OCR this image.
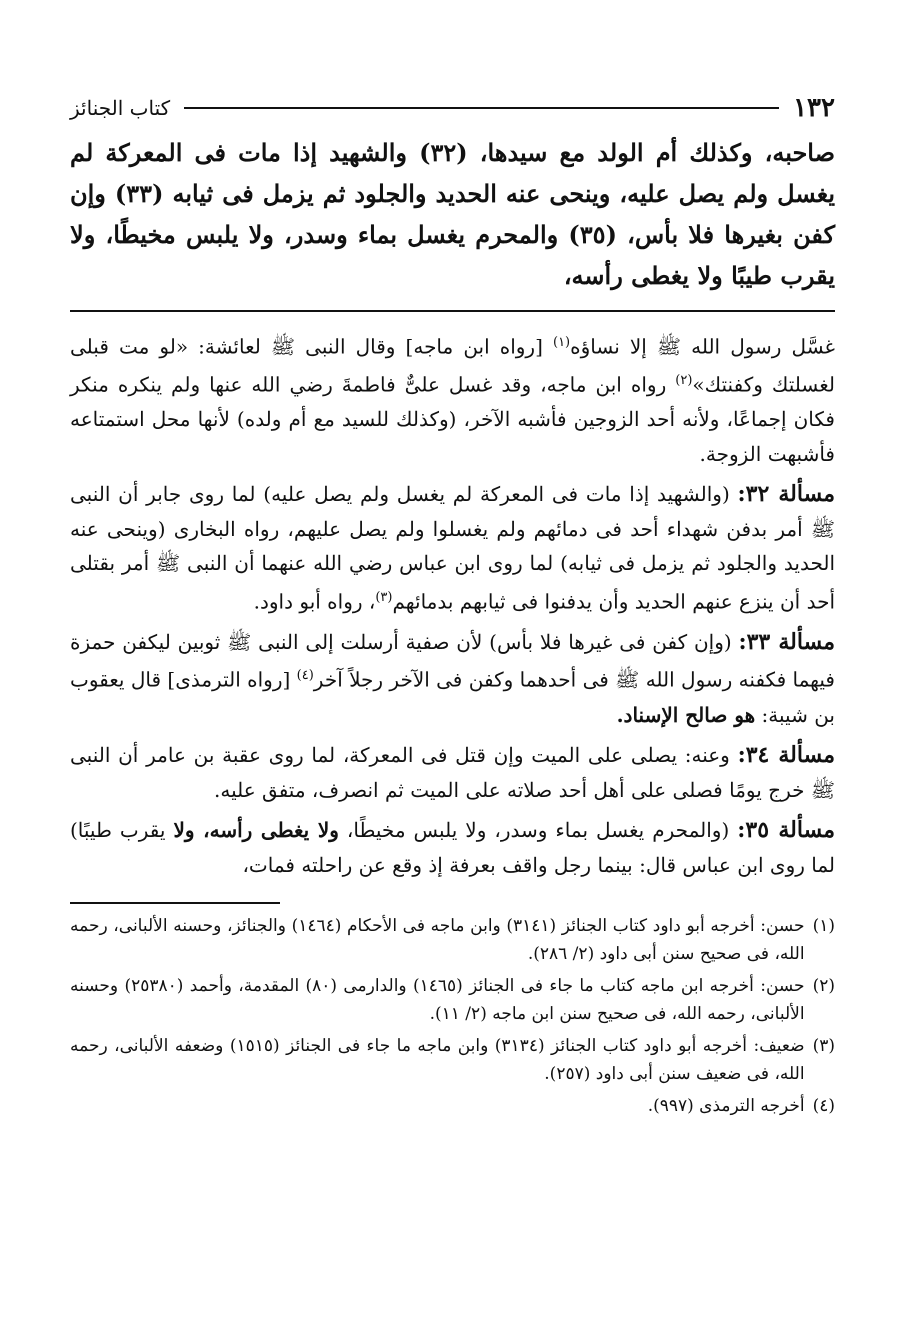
١٣٢
كتاب الجنائز

صاحبه، وكذلك أم الولد مع سيدها، (٣٢) والشهيد إذا مات فى المعركة لم يغسل ولم يصل عليه، وينحى عنه الحديد والجلود ثم يزمل فى ثيابه (٣٣) وإن كفن بغيرها فلا بأس، (٣٥) والمحرم يغسل بماء وسدر، ولا يلبس مخيطًا، ولا يقرب طيبًا ولا يغطى رأسه،

غسَّل رسول الله ﷺ إلا نساؤه$^{(١)}$ [رواه ابن ماجه] وقال النبى ﷺ لعائشة: «لو مت قبلى لغسلتك وكفنتك»$^{(٢)}$ رواه ابن ماجه، وقد غسل علىٌّ فاطمةَ رضي الله عنها ولم ينكره منكر فكان إجماعًا، ولأنه أحد الزوجين فأشبه الآخر، (وكذلك للسيد مع أم ولده) لأنها محل استمتاعه فأشبهت الزوجة.

مسألة ٣٢: (والشهيد إذا مات فى المعركة لم يغسل ولم يصل عليه) لما روى جابر أن النبى ﷺ أمر بدفن شهداء أحد فى دمائهم ولم يغسلوا ولم يصل عليهم، رواه البخارى (وينحى عنه الحديد والجلود ثم يزمل فى ثيابه) لما روى ابن عباس رضي الله عنهما أن النبى ﷺ أمر بقتلى أحد أن ينزع عنهم الحديد وأن يدفنوا فى ثيابهم بدمائهم$^{(٣)}$، رواه أبو داود.

مسألة ٣٣: (وإن كفن فى غيرها فلا بأس) لأن صفية أرسلت إلى النبى ﷺ ثوبين ليكفن حمزة فيهما فكفنه رسول الله ﷺ فى أحدهما وكفن فى الآخر رجلاً آخر$^{(٤)}$ [رواه الترمذى] قال يعقوب بن شيبة: هو صالح الإسناد.

مسألة ٣٤: وعنه: يصلى على الميت وإن قتل فى المعركة، لما روى عقبة بن عامر أن النبى ﷺ خرج يومًا فصلى على أهل أحد صلاته على الميت ثم انصرف، متفق عليه.

مسألة ٣٥: (والمحرم يغسل بماء وسدر، ولا يلبس مخيطًا، ولا يغطى رأسه، ولا يقرب طيبًا) لما روى ابن عباس قال: بينما رجل واقف بعرفة إذ وقع عن راحلته فمات،

(١)
حسن: أخرجه أبو داود كتاب الجنائز (٣١٤١) وابن ماجه فى الأحكام (١٤٦٤) والجنائز، وحسنه الألبانى، رحمه الله، فى صحيح سنن أبى داود (٢/ ٢٨٦).
(٢)
حسن: أخرجه ابن ماجه كتاب ما جاء فى الجنائز (١٤٦٥) والدارمى (٨٠) المقدمة، وأحمد (٢٥٣٨٠) وحسنه الألبانى، رحمه الله، فى صحيح سنن ابن ماجه (٢/ ١١).
(٣)
ضعيف: أخرجه أبو داود كتاب الجنائز (٣١٣٤) وابن ماجه ما جاء فى الجنائز (١٥١٥) وضعفه الألبانى، رحمه الله، فى ضعيف سنن أبى داود (٢٥٧).
(٤)
أخرجه الترمذى (٩٩٧).
